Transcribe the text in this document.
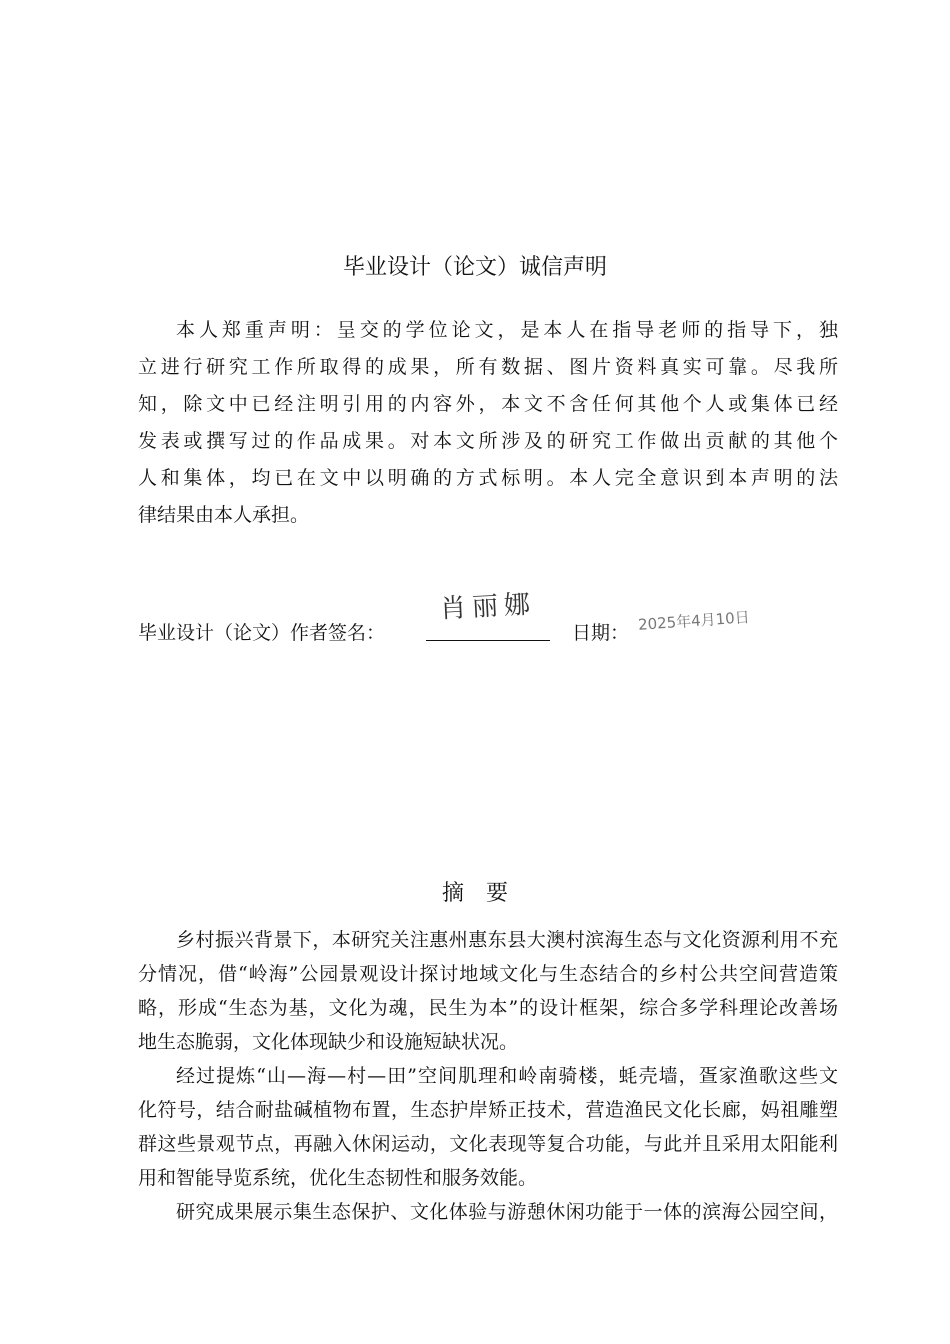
毕业设计（论文）诚信声明
本人郑重声明：呈交的学位论文，是本人在指导老师的指导下，独
立进行研究工作所取得的成果，所有数据、图片资料真实可靠。尽我所
知，除文中已经注明引用的内容外，本文不含任何其他个人或集体已经
发表或撰写过的作品成果。对本文所涉及的研究工作做出贡献的其他个
人和集体，均已在文中以明确的方式标明。本人完全意识到本声明的法
律结果由本人承担。
毕业设计（论文）作者签名：
肖丽娜
日期： 2025年4月10日
摘要
乡村振兴背景下，本研究关注惠州惠东县大澳村滨海生态与文化资源利用不充
分情况，借“岭海”公园景观设计探讨地域文化与生态结合的乡村公共空间营造策
略，形成“生态为基，文化为魂，民生为本”的设计框架，综合多学科理论改善场
地生态脆弱，文化体现缺少和设施短缺状况。
经过提炼“山—海—村—田”空间肌理和岭南骑楼，蚝壳墙，疍家渔歌这些文
化符号，结合耐盐碱植物布置，生态护岸矫正技术，营造渔民文化长廊，妈祖雕塑
群这些景观节点，再融入休闲运动，文化表现等复合功能，与此并且采用太阳能利
用和智能导览系统，优化生态韧性和服务效能。
研究成果展示集生态保护、文化体验与游憩休闲功能于一体的滨海公园空间，
